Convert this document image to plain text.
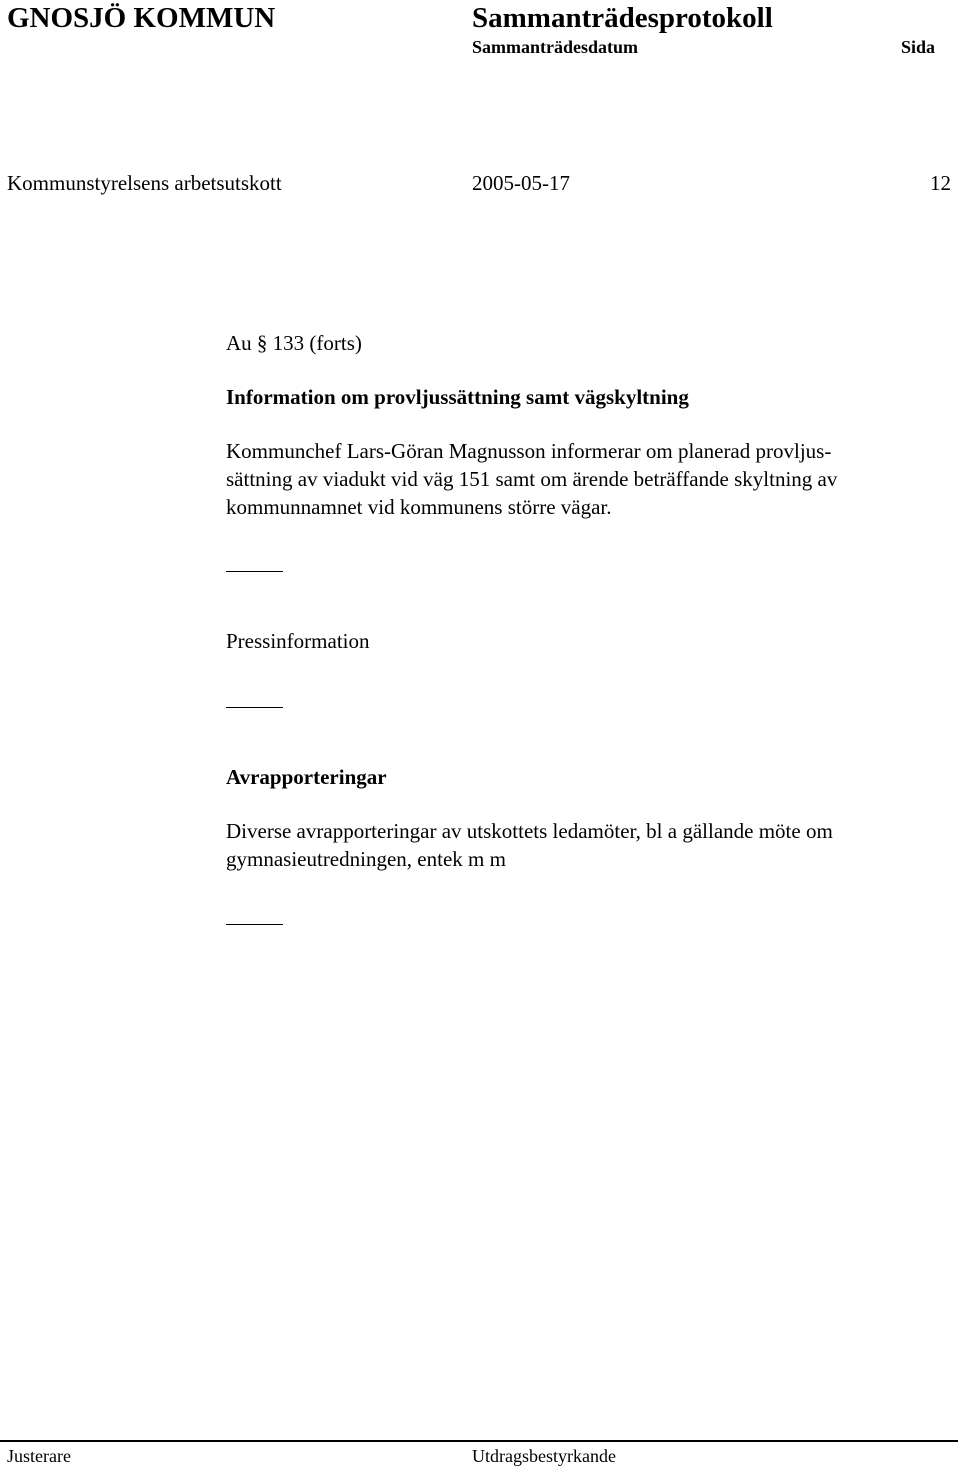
GNOSJÖ KOMMUN	Sammanträdesprotokoll
Sammanträdesdatum	Sida
Kommunstyrelsens arbetsutskott	2005-05-17	12
Au § 133 (forts)
Information om provljussättning samt vägskyltning

Kommunchef Lars-Göran Magnusson informerar om planerad provljus-
sättning av viadukt vid väg 151 samt om ärende beträffande skyltning av
kommunnamnet vid kommunens större vägar.

Pressinformation
Avrapporteringar

Diverse avrapporteringar av utskottets ledamöter, bl a gällande möte om
gymnasieutredningen, entek m m

Justerare	Utdragsbestyrkande
